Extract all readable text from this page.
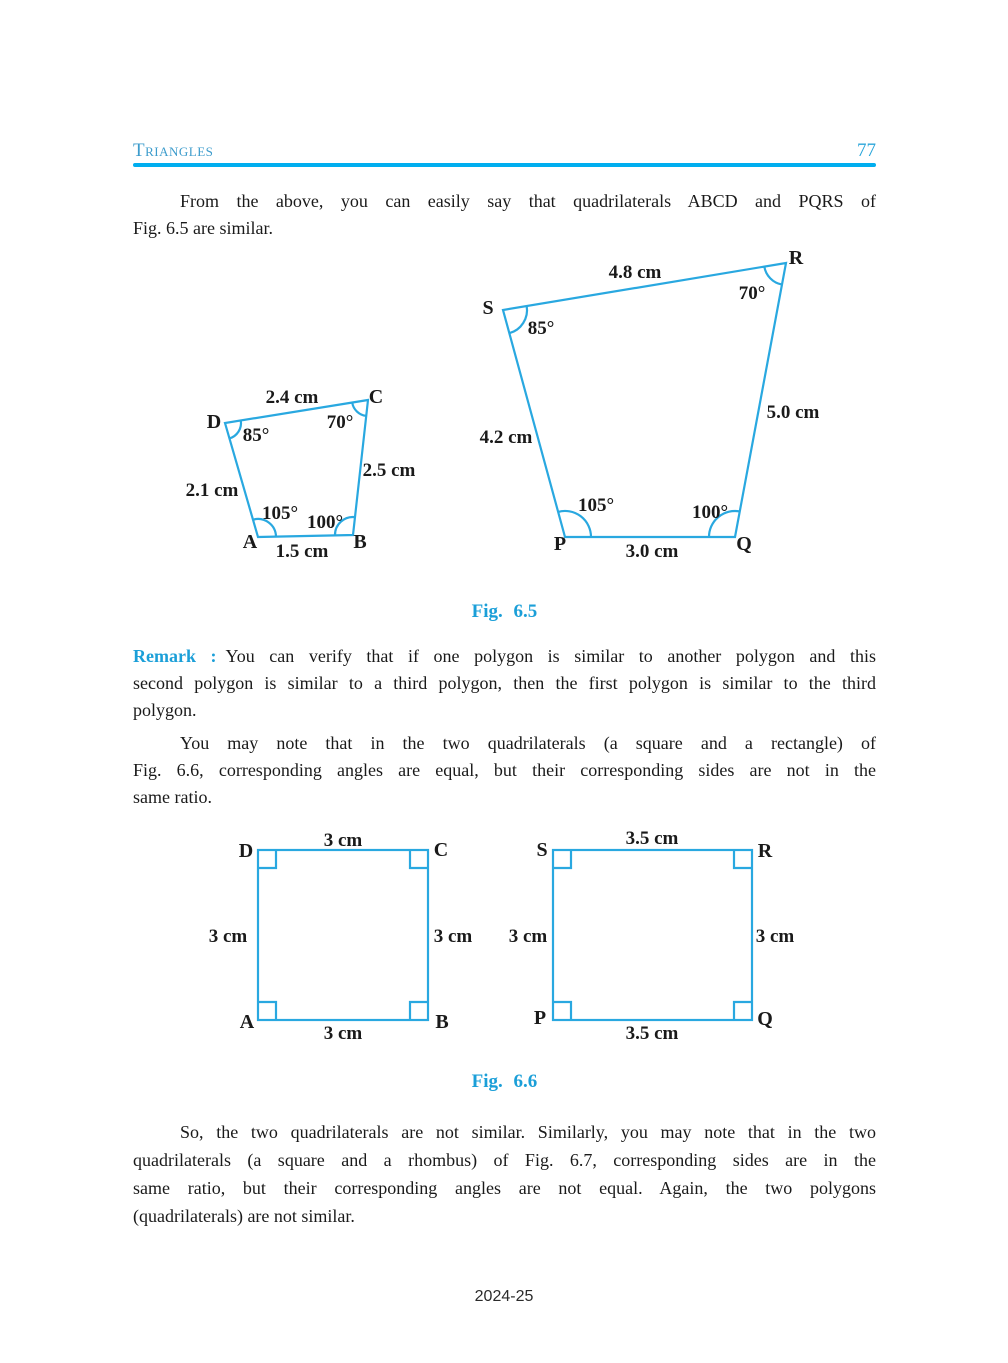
Triangles	77
From the above, you can easily say that quadrilaterals ABCD and PQRS of
Fig. 6.5 are similar.
A	B
C
D
2.4 cm
2.5 cm
1.5 cm
2.1 cm
105° 100°
70°
85°
P	Q
R
S
4.8 cm
5.0 cm
3.0 cm
4.2 cm
105°	100°
70°
85°
Fig. 6.5
Remark : You can verify that if one polygon is similar to another polygon and this
second polygon is similar to a third polygon, then the first polygon is similar to the third
polygon.
You may note that in the two quadrilaterals (a square and a rectangle) of
Fig. 6.6, corresponding angles are equal, but their corresponding sides are not in the
same ratio.
D	C
A	B
3 cm
3 cm	3 cm
3 cm
S	R
P	Q
3.5 cm
3 cm	3 cm
3.5 cm
Fig. 6.6
So, the two quadrilaterals are not similar. Similarly, you may note that in the two
quadrilaterals (a square and a rhombus) of Fig. 6.7, corresponding sides are in the
same ratio, but their corresponding angles are not equal. Again, the two polygons
(quadrilaterals) are not similar.
2024-25
